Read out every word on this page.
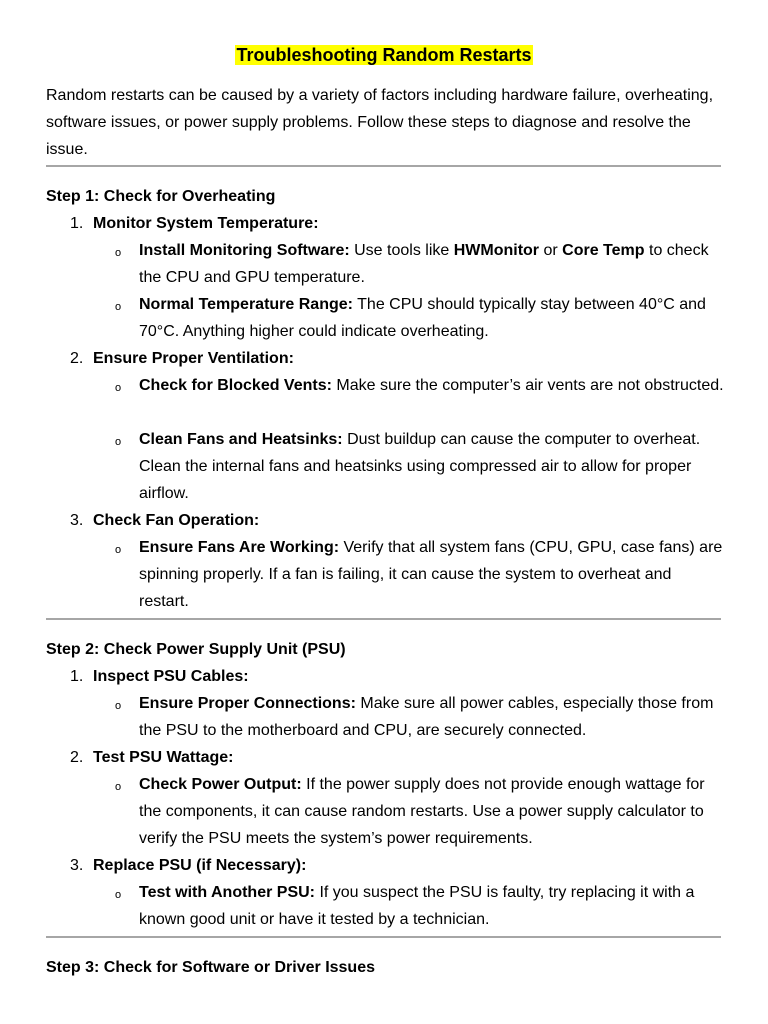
Troubleshooting Random Restarts
Random restarts can be caused by a variety of factors including hardware failure, overheating, software issues, or power supply problems. Follow these steps to diagnose and resolve the issue.
Step 1: Check for Overheating
1. Monitor System Temperature:
o Install Monitoring Software: Use tools like HWMonitor or Core Temp to check the CPU and GPU temperature.
o Normal Temperature Range: The CPU should typically stay between 40°C and 70°C. Anything higher could indicate overheating.
2. Ensure Proper Ventilation:
o Check for Blocked Vents: Make sure the computer’s air vents are not obstructed.
o Clean Fans and Heatsinks: Dust buildup can cause the computer to overheat. Clean the internal fans and heatsinks using compressed air to allow for proper airflow.
3. Check Fan Operation:
o Ensure Fans Are Working: Verify that all system fans (CPU, GPU, case fans) are spinning properly. If a fan is failing, it can cause the system to overheat and restart.
Step 2: Check Power Supply Unit (PSU)
1. Inspect PSU Cables:
o Ensure Proper Connections: Make sure all power cables, especially those from the PSU to the motherboard and CPU, are securely connected.
2. Test PSU Wattage:
o Check Power Output: If the power supply does not provide enough wattage for the components, it can cause random restarts. Use a power supply calculator to verify the PSU meets the system’s power requirements.
3. Replace PSU (if Necessary):
o Test with Another PSU: If you suspect the PSU is faulty, try replacing it with a known good unit or have it tested by a technician.
Step 3: Check for Software or Driver Issues
